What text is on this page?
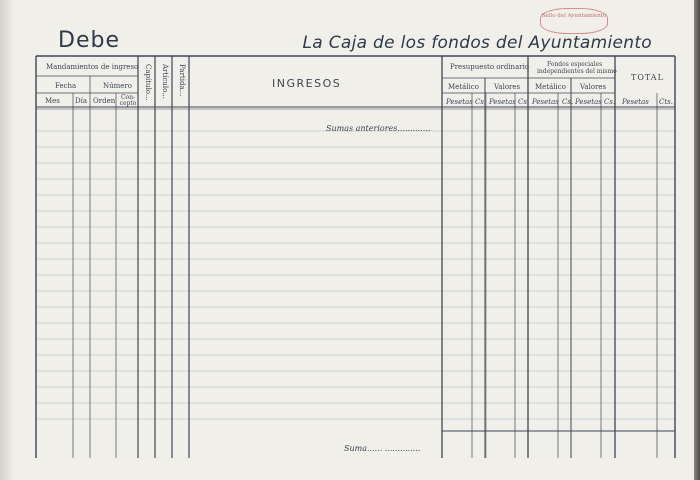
Debe	La Caja de los fondos del Ayuntamiento
Sello del Ayuntamiento
Mandamientos de ingreso
Fecha	Número
Mes Día Orden Con- cepto
Capítulo... Artículo... Partida...	INGRESOS
Presupuesto ordinario	Fondos especiales
independientes del mismo
Metálico Valores Metálico Valores
TOTAL
Pesetas Cs. Pesetas Cs. Pesetas Cs. Pesetas Cs. Pesetas Cts.
Sumas anteriores.............
Suma...... ..............
